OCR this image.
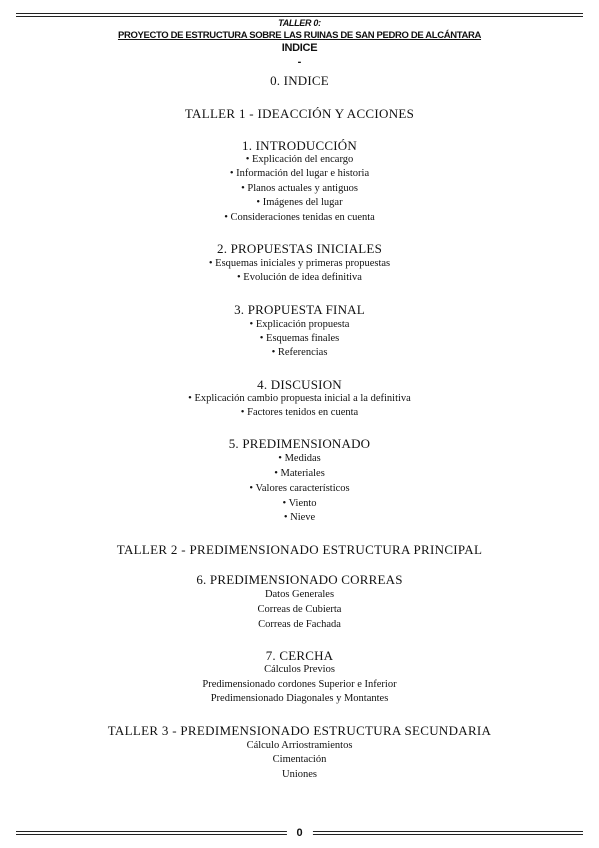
TALLER 0:
PROYECTO DE ESTRUCTURA SOBRE LAS RUINAS DE SAN PEDRO DE ALCÁNTARA
INDICE
-
0. INDICE
TALLER 1 - IDEACCIÓN Y ACCIONES
1. INTRODUCCIÓN
• Explicación del encargo
• Información del lugar e historia
• Planos actuales y antiguos
• Imágenes del lugar
• Consideraciones tenidas en cuenta
2. PROPUESTAS INICIALES
• Esquemas iniciales y primeras propuestas
• Evolución de idea definitiva
3. PROPUESTA FINAL
• Explicación propuesta
• Esquemas finales
• Referencias
4. DISCUSION
• Explicación cambio propuesta inicial a la definitiva
• Factores tenidos en cuenta
5. PREDIMENSIONADO
• Medidas
• Materiales
• Valores característicos
• Viento
• Nieve
TALLER 2 - PREDIMENSIONADO ESTRUCTURA PRINCIPAL
6. PREDIMENSIONADO CORREAS
Datos Generales
Correas de Cubierta
Correas de Fachada
7. CERCHA
Cálculos Previos
Predimensionado cordones Superior e Inferior
Predimensionado Diagonales y Montantes
TALLER 3 - PREDIMENSIONADO ESTRUCTURA SECUNDARIA
Cálculo Arriostramientos
Cimentación
Uniones
0
